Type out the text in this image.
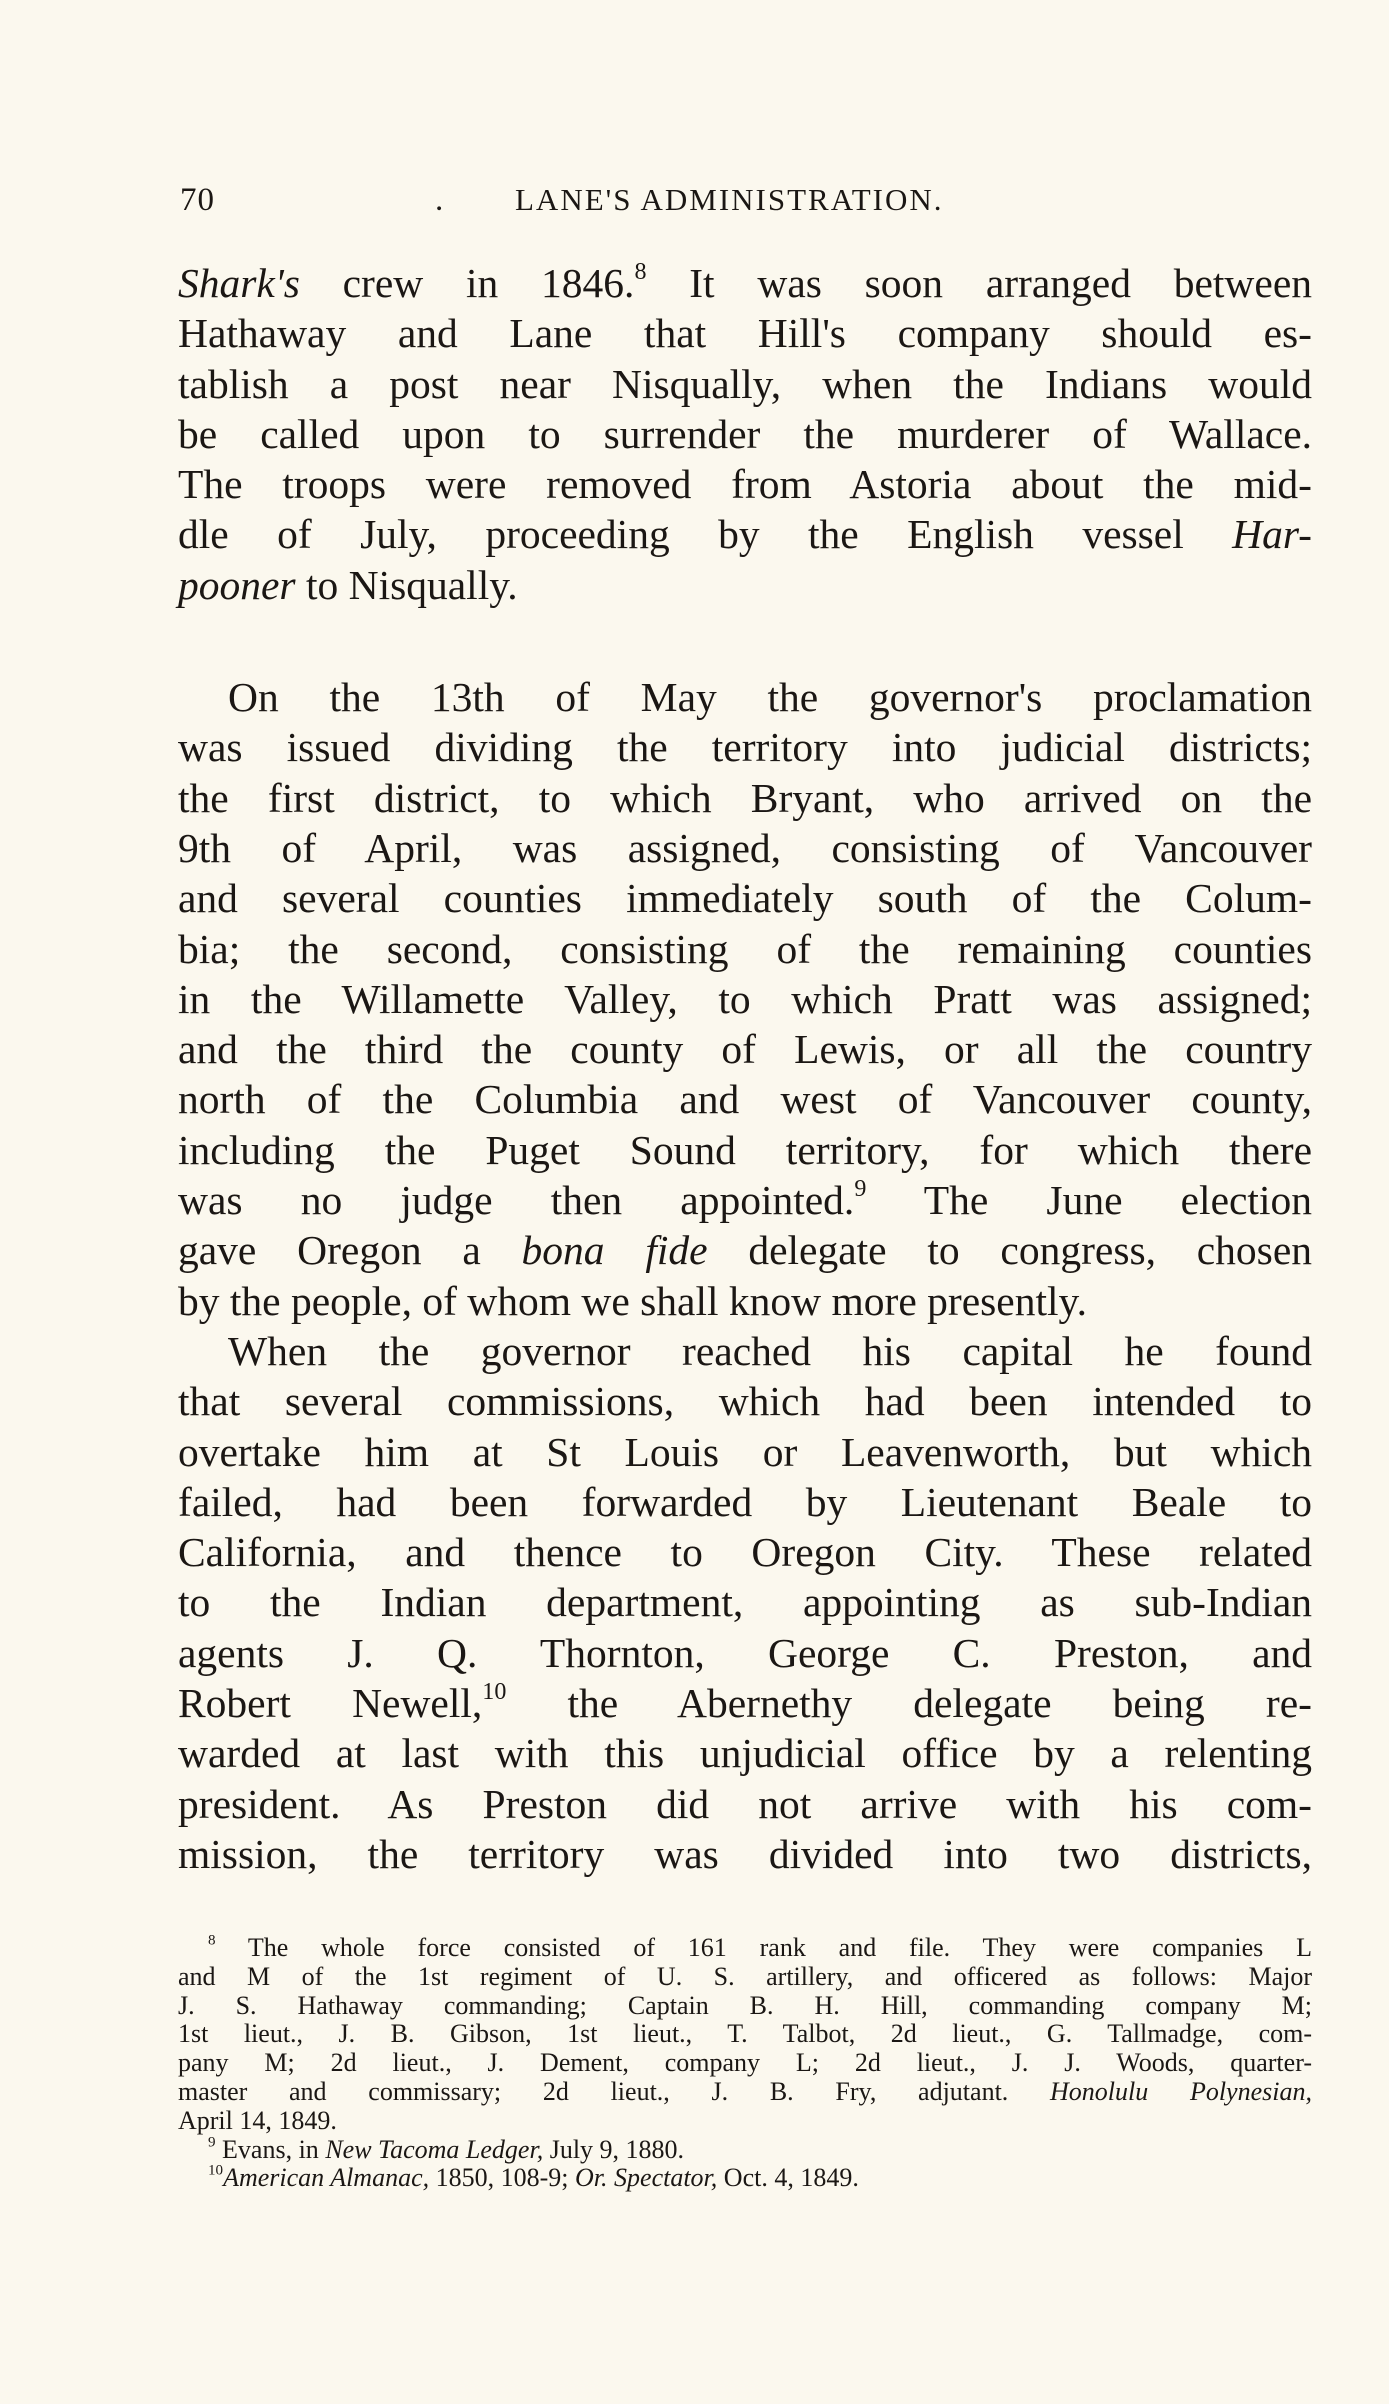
70	. LANE'S ADMINISTRATION.
Shark's crew in 1846.$^8$ It was soon arranged between
Hathaway and Lane that Hill's company should es-
tablish a post near Nisqually, when the Indians would
be called upon to surrender the murderer of Wallace.
The troops were removed from Astoria about the mid-
dle of July, proceeding by the English vessel Har-
pooner to Nisqually.
On the 13th of May the governor's proclamation
was issued dividing the territory into judicial districts;
the first district, to which Bryant, who arrived on the
9th of April, was assigned, consisting of Vancouver
and several counties immediately south of the Colum-
bia; the second, consisting of the remaining counties
in the Willamette Valley, to which Pratt was assigned;
and the third the county of Lewis, or all the country
north of the Columbia and west of Vancouver county,
including the Puget Sound territory, for which there
was no judge then appointed.$^9$ The June election
gave Oregon a bona fide delegate to congress, chosen
by the people, of whom we shall know more presently.
When the governor reached his capital he found
that several commissions, which had been intended to
overtake him at St Louis or Leavenworth, but which
failed, had been forwarded by Lieutenant Beale to
California, and thence to Oregon City. These related
to the Indian department, appointing as sub-Indian
agents J. Q. Thornton, George C. Preston, and
Robert Newell,$^{10}$ the Abernethy delegate being re-
warded at last with this unjudicial office by a relenting
president. As Preston did not arrive with his com-
mission, the territory was divided into two districts,
$^8$ The whole force consisted of 161 rank and file. They were companies L
and M of the 1st regiment of U. S. artillery, and officered as follows: Major
J. S. Hathaway commanding; Captain B. H. Hill, commanding company M;
1st lieut., J. B. Gibson, 1st lieut., T. Talbot, 2d lieut., G. Tallmadge, com-
pany M; 2d lieut., J. Dement, company L; 2d lieut., J. J. Woods, quarter-
master and commissary; 2d lieut., J. B. Fry, adjutant. Honolulu Polynesian,
April 14, 1849.
$^9$ Evans, in New Tacoma Ledger, July 9, 1880.
$^{10}$American Almanac, 1850, 108-9; Or. Spectator, Oct. 4, 1849.
